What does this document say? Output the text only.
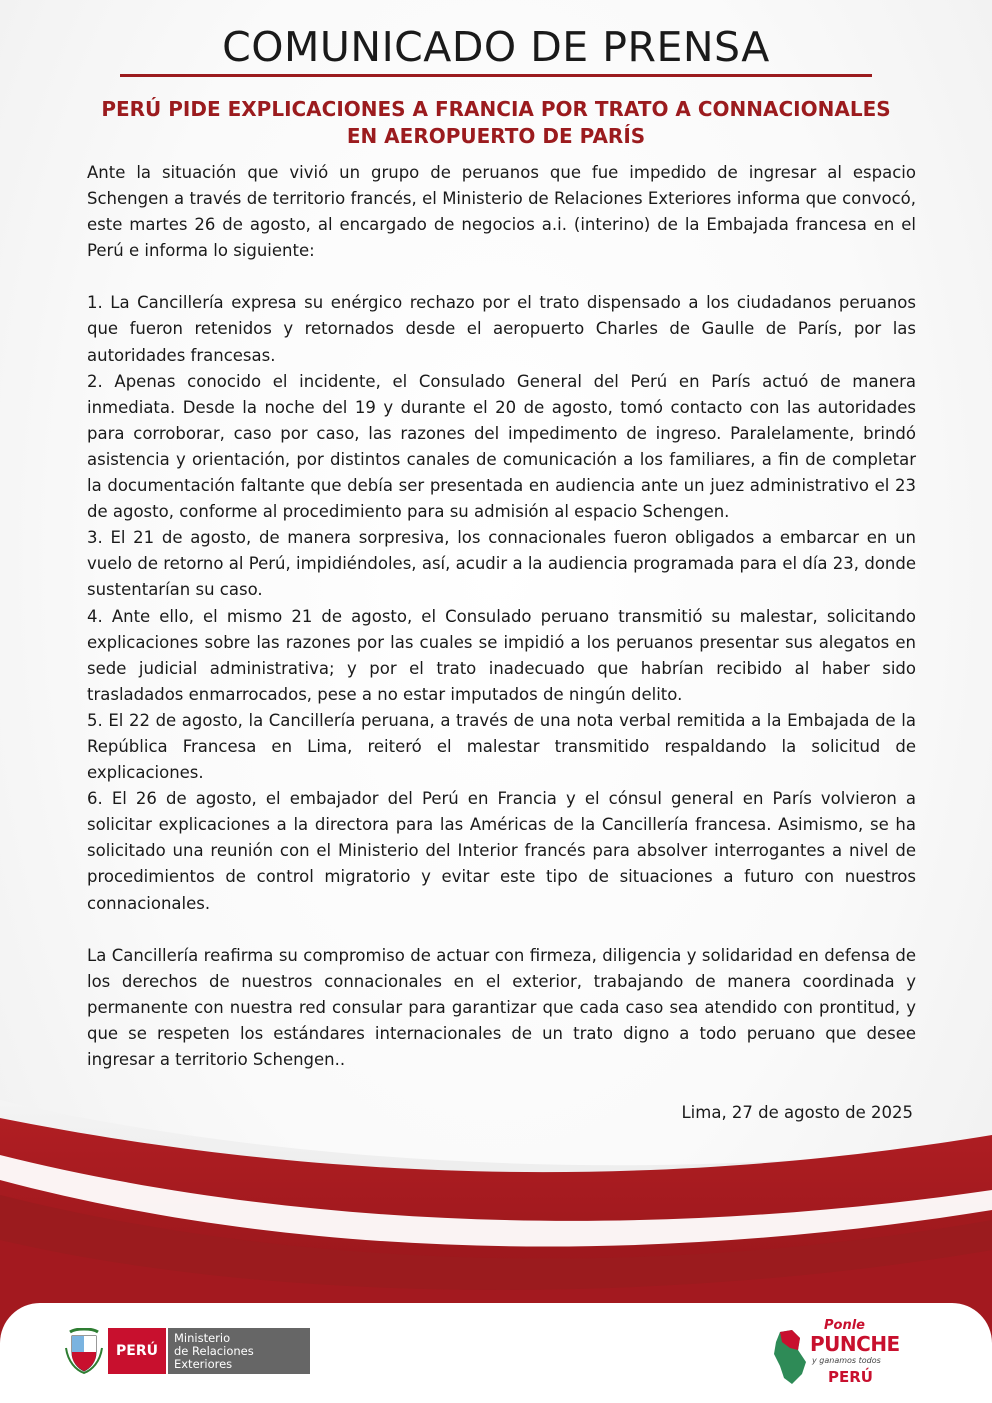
COMUNICADO DE PRENSA
PERÚ PIDE EXPLICACIONES A FRANCIA POR TRATO A CONNACIONALES
EN AEROPUERTO DE PARÍS

Ante la situación que vivió un grupo de peruanos que fue impedido de ingresar al espacio Schengen a través de territorio francés, el Ministerio de Relaciones Exteriores informa que convocó, este martes 26 de agosto, al encargado de negocios a.i. (interino) de la Embajada francesa en el Perú e informa lo siguiente:

1. La Cancillería expresa su enérgico rechazo por el trato dispensado a los ciudadanos peruanos que fueron retenidos y retornados desde el aeropuerto Charles de Gaulle de París, por las autoridades francesas.

2. Apenas conocido el incidente, el Consulado General del Perú en París actuó de manera inmediata. Desde la noche del 19 y durante el 20 de agosto, tomó contacto con las autoridades para corroborar, caso por caso, las razones del impedimento de ingreso. Paralelamente, brindó asistencia y orientación, por distintos canales de comunicación a los familiares, a fin de completar la documentación faltante que debía ser presentada en audiencia ante un juez administrativo el 23 de agosto, conforme al procedimiento para su admisión al espacio Schengen.

3. El 21 de agosto, de manera sorpresiva, los connacionales fueron obligados a embarcar en un vuelo de retorno al Perú, impidiéndoles, así, acudir a la audiencia programada para el día 23, donde sustentarían su caso.

4. Ante ello, el mismo 21 de agosto, el Consulado peruano transmitió su malestar, solicitando explicaciones sobre las razones por las cuales se impidió a los peruanos presentar sus alegatos en sede judicial administrativa; y por el trato inadecuado que habrían recibido al haber sido trasladados enmarrocados, pese a no estar imputados de ningún delito.

5. El 22 de agosto, la Cancillería peruana, a través de una nota verbal remitida a la Embajada de la República Francesa en Lima, reiteró el malestar transmitido respaldando la solicitud de explicaciones.

6. El 26 de agosto, el embajador del Perú en Francia y el cónsul general en París volvieron a solicitar explicaciones a la directora para las Américas de la Cancillería francesa. Asimismo, se ha solicitado una reunión con el Ministerio del Interior francés para absolver interrogantes a nivel de procedimientos de control migratorio y evitar este tipo de situaciones a futuro con nuestros connacionales.

La Cancillería reafirma su compromiso de actuar con firmeza, diligencia y solidaridad en defensa de los derechos de nuestros connacionales en el exterior, trabajando de manera coordinada y permanente con nuestra red consular para garantizar que cada caso sea atendido con prontitud, y que se respeten los estándares internacionales de un trato digno a todo peruano que desee ingresar a territorio Schengen..

Lima, 27 de agosto de 2025
PERÚ
Ministerio
de Relaciones Exteriores
Ponle
PUNCHE
y ganamos todos
PERÚ
